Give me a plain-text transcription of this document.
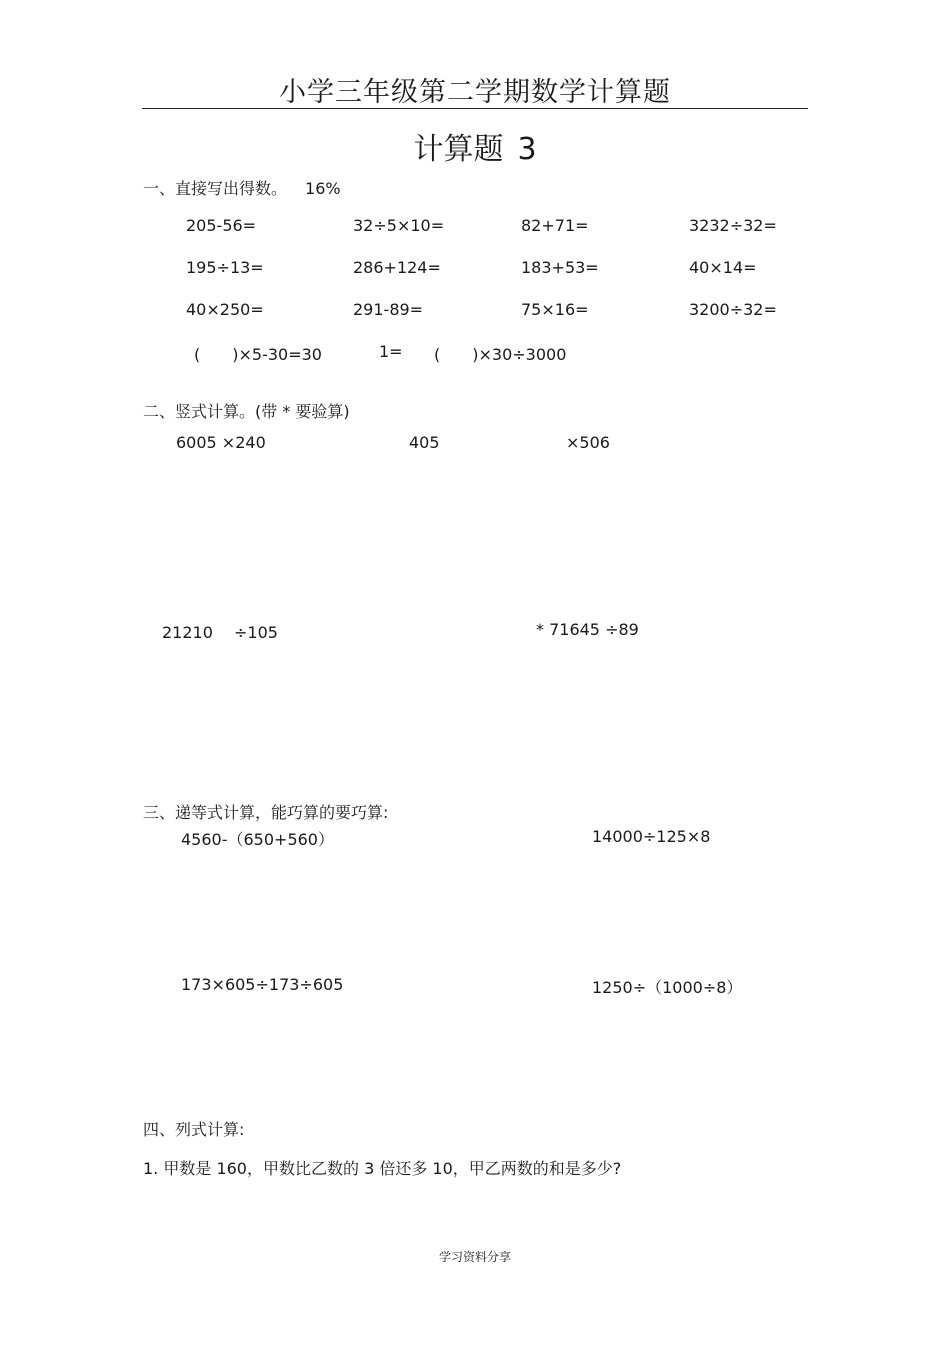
小学三年级第二学期数学计算题
计算题 3
一、直接写出得数。 16%
205-56=	32÷5×10=	82+71=	3232÷32=
195÷13=	286+124=	183+53=	40×14=
40×250=	291-89=	75×16=	3200÷32=
(　　)×5-30=30	1= (　　)×30÷3000
二、竖式计算。(带 * 要验算)
6005 ×240	405	×506
21210 　÷105	* 71645 ÷89
三、递等式计算，能巧算的要巧算:
4560-（650+560）	14000÷125×8
173×605÷173÷605	1250÷（1000÷8）
四、列式计算:
1. 甲数是 160，甲数比乙数的 3 倍还多 10，甲乙两数的和是多少?
学习资料分享
